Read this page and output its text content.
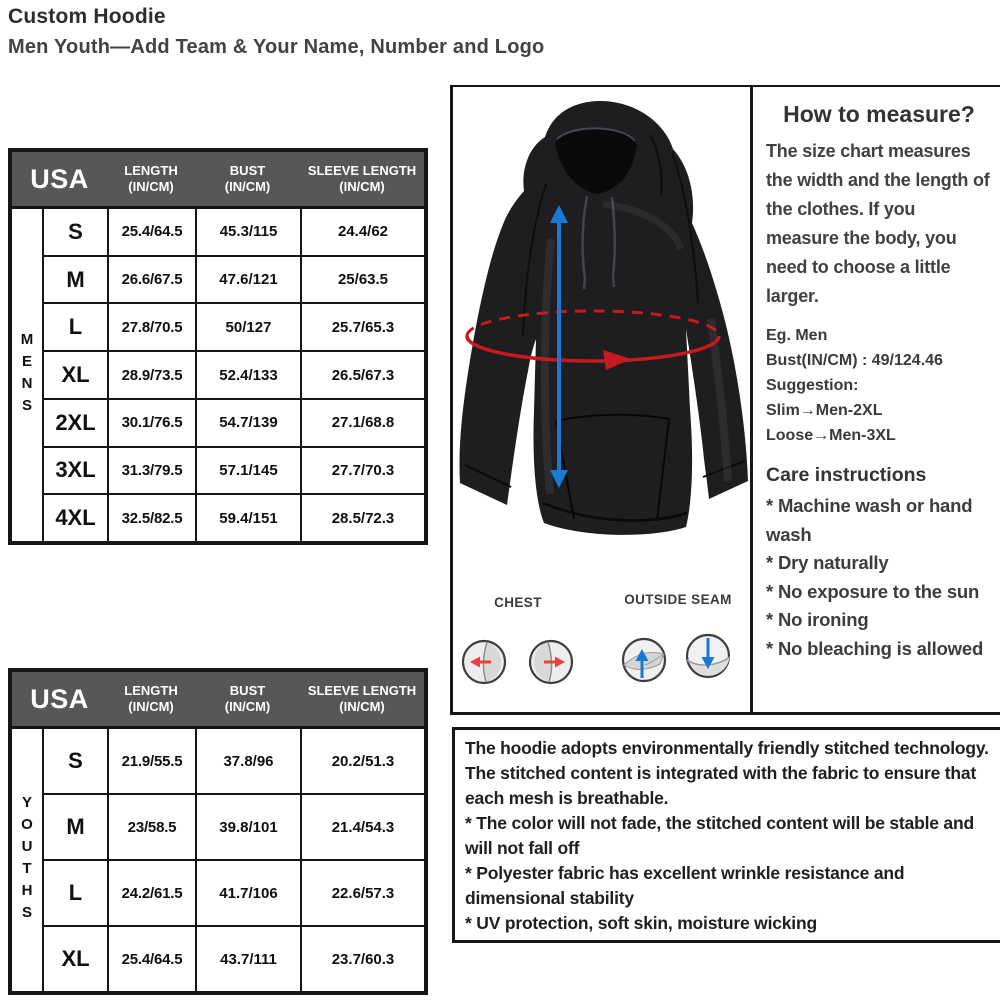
Custom Hoodie
Men Youth—Add Team & Your Name, Number and Logo
USA	LENGTH
(IN/CM)
BUST
(IN/CM)
SLEEVE LENGTH
(IN/CM)
MENS
S	25.4/64.5	45.3/115	24.4/62
M	26.6/67.5	47.6/121	25/63.5
L	27.8/70.5	50/127	25.7/65.3
XL	28.9/73.5	52.4/133	26.5/67.3
2XL	30.1/76.5	54.7/139	27.1/68.8
3XL	31.3/79.5	57.1/145	27.7/70.3
4XL	32.5/82.5	59.4/151	28.5/72.3
USA	LENGTH
(IN/CM)
BUST
(IN/CM)
SLEEVE LENGTH
(IN/CM)
YOUTHS
S	21.9/55.5	37.8/96	20.2/51.3
M	23/58.5	39.8/101	21.4/54.3
L	24.2/61.5	41.7/106	22.6/57.3
XL	25.4/64.5	43.7/111	23.7/60.3
CHEST	OUTSIDE SEAM
How to measure?
The size chart measures the width and the length of the clothes. If you measure the body, you need to choose a little larger.
Eg. Men
Bust(IN/CM) : 49/124.46
Suggestion:
Slim→Men-2XL
Loose→Men-3XL
Care instructions
* Machine wash or hand wash
* Dry naturally
* No exposure to the sun
* No ironing
* No bleaching is allowed

The hoodie adopts environmentally friendly stitched technology. The stitched content is integrated with the fabric to ensure that each mesh is breathable.

* The color will not fade, the stitched content will be stable and will not fall off

* Polyester fabric has excellent wrinkle resistance and dimensional stability

* UV protection, soft skin, moisture wicking
